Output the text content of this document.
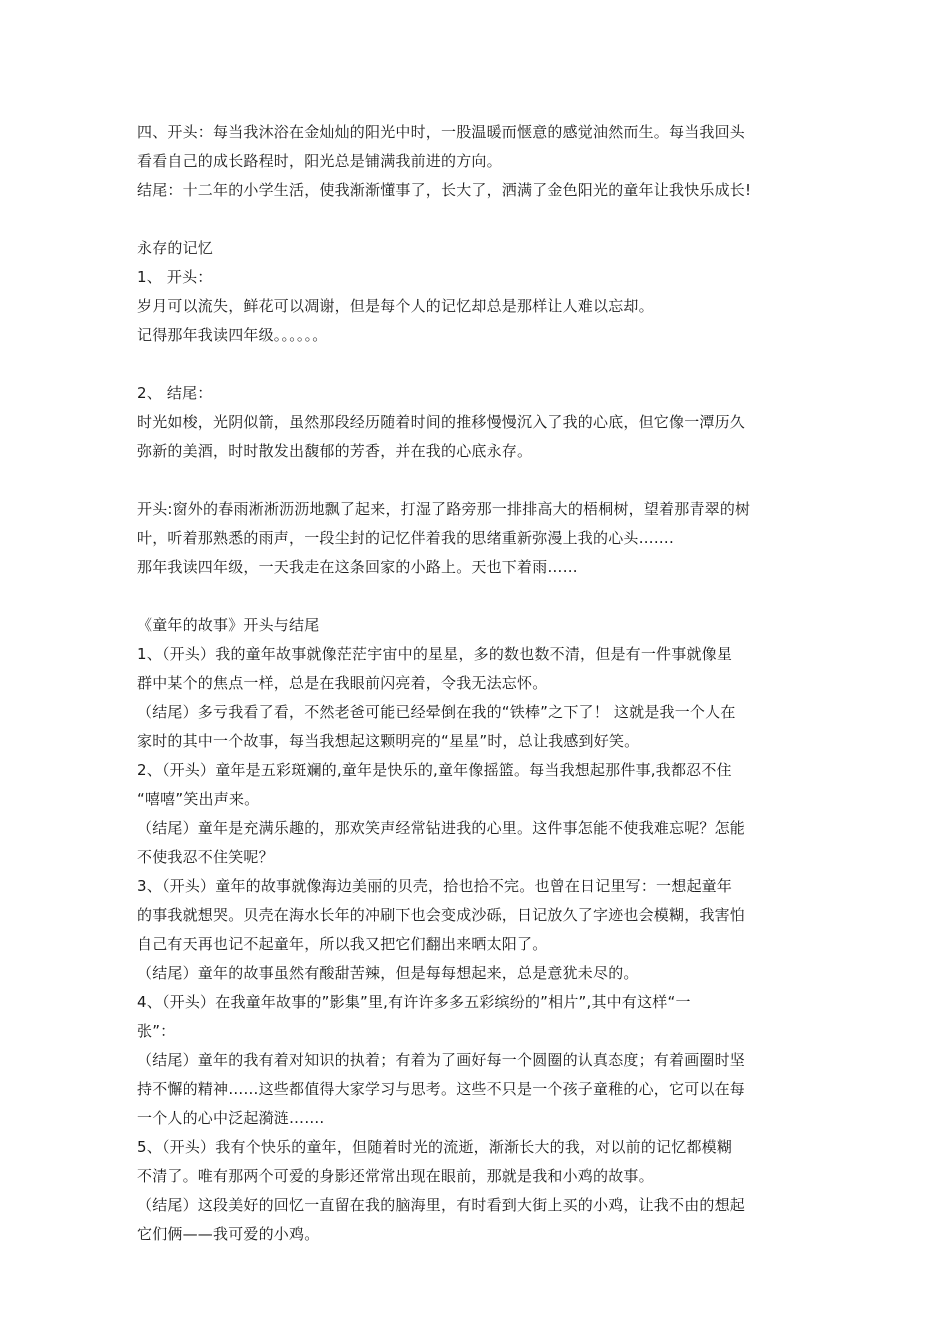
四、开头：每当我沐浴在金灿灿的阳光中时，一股温暖而惬意的感觉油然而生。每当我回头
看看自己的成长路程时，阳光总是铺满我前进的方向。
结尾：十二年的小学生活，使我渐渐懂事了，长大了，洒满了金色阳光的童年让我快乐成长!
永存的记忆
1、 开头：
岁月可以流失，鲜花可以凋谢，但是每个人的记忆却总是那样让人难以忘却。
记得那年我读四年级。。。。。。
2、 结尾：
时光如梭，光阴似箭，虽然那段经历随着时间的推移慢慢沉入了我的心底，但它像一潭历久
弥新的美酒，时时散发出馥郁的芳香，并在我的心底永存。
开头:窗外的春雨淅淅沥沥地飘了起来，打湿了路旁那一排排高大的梧桐树，望着那青翠的树
叶，听着那熟悉的雨声，一段尘封的记忆伴着我的思绪重新弥漫上我的心头…….
那年我读四年级，一天我走在这条回家的小路上。天也下着雨……
《童年的故事》开头与结尾
1、（开头）我的童年故事就像茫茫宇宙中的星星，多的数也数不清，但是有一件事就像星
群中某个的焦点一样，总是在我眼前闪亮着，令我无法忘怀。
（结尾）多亏我看了看，不然老爸可能已经晕倒在我的“铁棒”之下了！ 这就是我一个人在
家时的其中一个故事，每当我想起这颗明亮的“星星”时，总让我感到好笑。
2、（开头）童年是五彩斑斓的,童年是快乐的,童年像摇篮。每当我想起那件事,我都忍不住
“嘻嘻”笑出声来。
（结尾）童年是充满乐趣的，那欢笑声经常钻进我的心里。这件事怎能不使我难忘呢？怎能
不使我忍不住笑呢？
3、（开头）童年的故事就像海边美丽的贝壳，拾也拾不完。也曾在日记里写：一想起童年
的事我就想哭。贝壳在海水长年的冲刷下也会变成沙砾，日记放久了字迹也会模糊，我害怕
自己有天再也记不起童年，所以我又把它们翻出来晒太阳了。
（结尾）童年的故事虽然有酸甜苦辣，但是每每想起来，总是意犹未尽的。
4、（开头）在我童年故事的”影集”里,有许许多多五彩缤纷的”相片”,其中有这样“一
张”：
（结尾）童年的我有着对知识的执着；有着为了画好每一个圆圈的认真态度；有着画圈时坚
持不懈的精神……这些都值得大家学习与思考。这些不只是一个孩子童稚的心，它可以在每
一个人的心中泛起漪涟…….
5、（开头）我有个快乐的童年，但随着时光的流逝，渐渐长大的我，对以前的记忆都模糊
不清了。唯有那两个可爱的身影还常常出现在眼前，那就是我和小鸡的故事。
（结尾）这段美好的回忆一直留在我的脑海里，有时看到大街上买的小鸡，让我不由的想起
它们俩——我可爱的小鸡。
